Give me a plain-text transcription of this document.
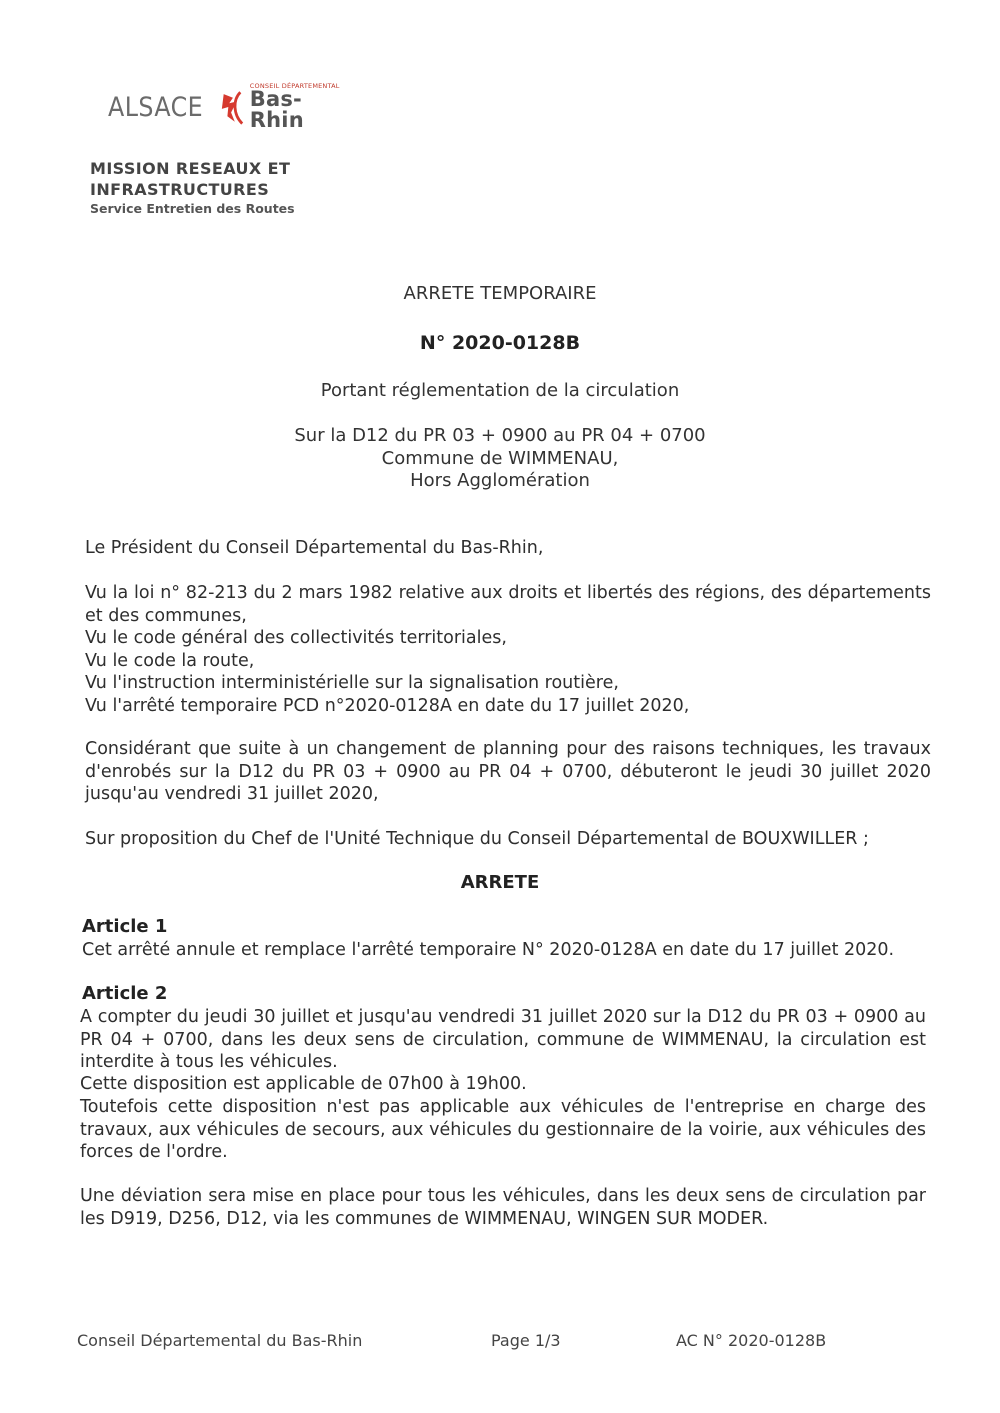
ALSACE
CONSEIL DÉPARTEMENTAL
Bas-Rhin
MISSION RESEAUX ET
INFRASTRUCTURES
Service Entretien des Routes
ARRETE TEMPORAIRE
N° 2020-0128B
Portant réglementation de la circulation
Sur la D12 du PR 03 + 0900 au PR 04 + 0700
Commune de WIMMENAU,
Hors Agglomération
Le Président du Conseil Départemental du Bas-Rhin,
Vu la loi n° 82-213 du 2 mars 1982 relative aux droits et libertés des régions, des départements et des communes,
Vu le code général des collectivités territoriales,
Vu le code la route,
Vu l'instruction interministérielle sur la signalisation routière,
Vu l'arrêté temporaire PCD n°2020-0128A en date du 17 juillet 2020,
Considérant que suite à un changement de planning pour des raisons techniques, les travaux d'enrobés sur la D12 du PR 03 + 0900 au PR 04 + 0700, débuteront le jeudi 30 juillet 2020 jusqu'au vendredi 31 juillet 2020,
Sur proposition du Chef de l'Unité Technique du Conseil Départemental de BOUXWILLER ;
ARRETE
Article 1
Cet arrêté annule et remplace l'arrêté temporaire N° 2020-0128A en date du 17 juillet 2020.
Article 2
A compter du jeudi 30 juillet et jusqu'au vendredi 31 juillet 2020 sur la D12 du PR 03 + 0900 au PR 04 + 0700, dans les deux sens de circulation, commune de WIMMENAU, la circulation est interdite à tous les véhicules.
Cette disposition est applicable de 07h00 à 19h00.
Toutefois cette disposition n'est pas applicable aux véhicules de l'entreprise en charge des travaux, aux véhicules de secours, aux véhicules du gestionnaire de la voirie, aux véhicules des forces de l'ordre.
Une déviation sera mise en place pour tous les véhicules, dans les deux sens de circulation par les D919, D256, D12, via les communes de WIMMENAU, WINGEN SUR MODER.
Conseil Départemental du Bas-Rhin	Page 1/3	AC N° 2020-0128B
